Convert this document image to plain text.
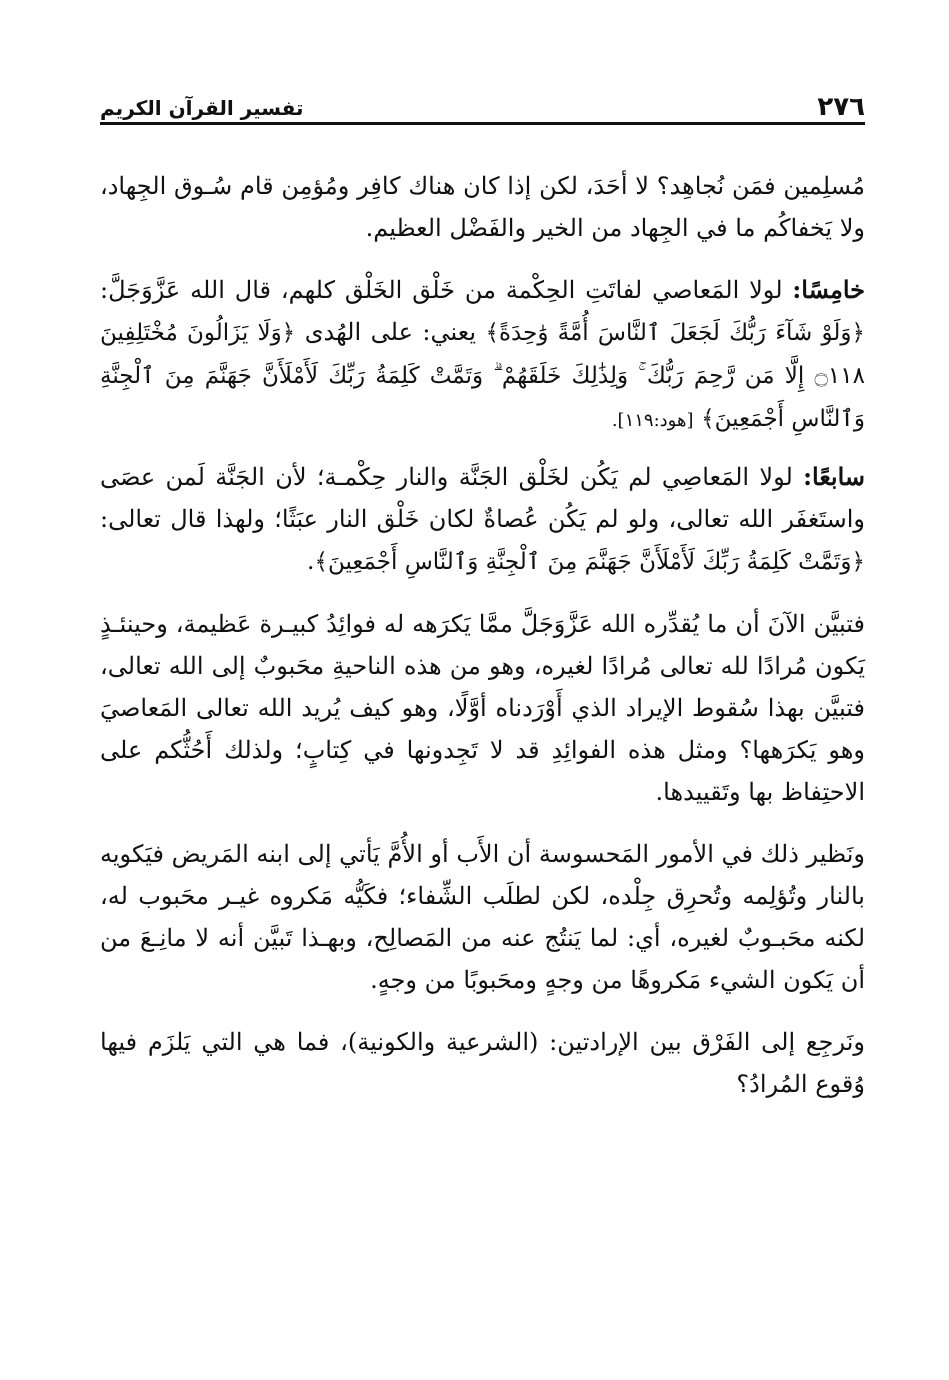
٢٧٦
تفسير القرآن الكريم

مُسلِمين فمَن نُجاهِد؟ لا أحَدَ، لكن إذا كان هناك كافِر ومُؤمِن قام سُـوق الجِهاد، ولا يَخفاكُم ما في الجِهاد من الخير والفَضْل العظيم.

خامِسًا: لولا المَعاصي لفاتَتِ الحِكْمة من خَلْق الخَلْق كلهم، قال الله عَزَّوَجَلَّ: ﴿وَلَوْ شَآءَ رَبُّكَ لَجَعَلَ ٱلنَّاسَ أُمَّةً وَٰحِدَةً﴾ يعني: على الهُدى ﴿وَلَا يَزَالُونَ مُخْتَلِفِينَ ۝١١٨ إِلَّا مَن رَّحِمَ رَبُّكَ ۚ وَلِذَٰلِكَ خَلَقَهُمْ ۗ وَتَمَّتْ كَلِمَةُ رَبِّكَ لَأَمْلَأَنَّ جَهَنَّمَ مِنَ ٱلْجِنَّةِ وَٱلنَّاسِ أَجْمَعِينَ﴾ [هود:١١٩].

سابعًا: لولا المَعاصِي لم يَكُن لخَلْق الجَنَّة والنار حِكْمـة؛ لأن الجَنَّة لَمن عصَى واستَغفَر الله تعالى، ولو لم يَكُن عُصاةٌ لكان خَلْق النار عبَثًا؛ ولهذا قال تعالى: ﴿وَتَمَّتْ كَلِمَةُ رَبِّكَ لَأَمْلَأَنَّ جَهَنَّمَ مِنَ ٱلْجِنَّةِ وَٱلنَّاسِ أَجْمَعِينَ﴾.

فتبيَّن الآنَ أن ما يُقدِّره الله عَزَّوَجَلَّ ممَّا يَكرَهه له فوائِدُ كبيـرة عَظيمة، وحينئـذٍ يَكون مُرادًا لله تعالى مُرادًا لغيره، وهو من هذه الناحيةِ محَبوبٌ إلى الله تعالى، فتبيَّن بهذا سُقوط الإيراد الذي أَوْرَدناه أوَّلًا، وهو كيف يُريد الله تعالى المَعاصيَ وهو يَكرَهها؟ ومثل هذه الفوائِدِ قد لا تَجِدونها في كِتابٍ؛ ولذلك أَحُثُّكم على الاحتِفاظ بها وتَقييدها.

ونَظير ذلك في الأمور المَحسوسة أن الأَب أو الأُمَّ يَأتي إلى ابنه المَريض فيَكويه بالنار وتُؤلِمه وتُحرِق جِلْده، لكن لطلَب الشِّفاء؛ فكَيُّه مَكروه غيـر محَبوب له، لكنه محَبـوبٌ لغيره، أي: لما يَنتُج عنه من المَصالِح، وبهـذا تَبيَّن أنه لا مانِـعَ من أن يَكون الشيء مَكروهًا من وجهٍ ومحَبوبًا من وجهٍ.

ونَرجِع إلى الفَرْق بين الإرادتين: (الشرعية والكونية)، فما هي التي يَلزَم فيها وُقوع المُرادُ؟
